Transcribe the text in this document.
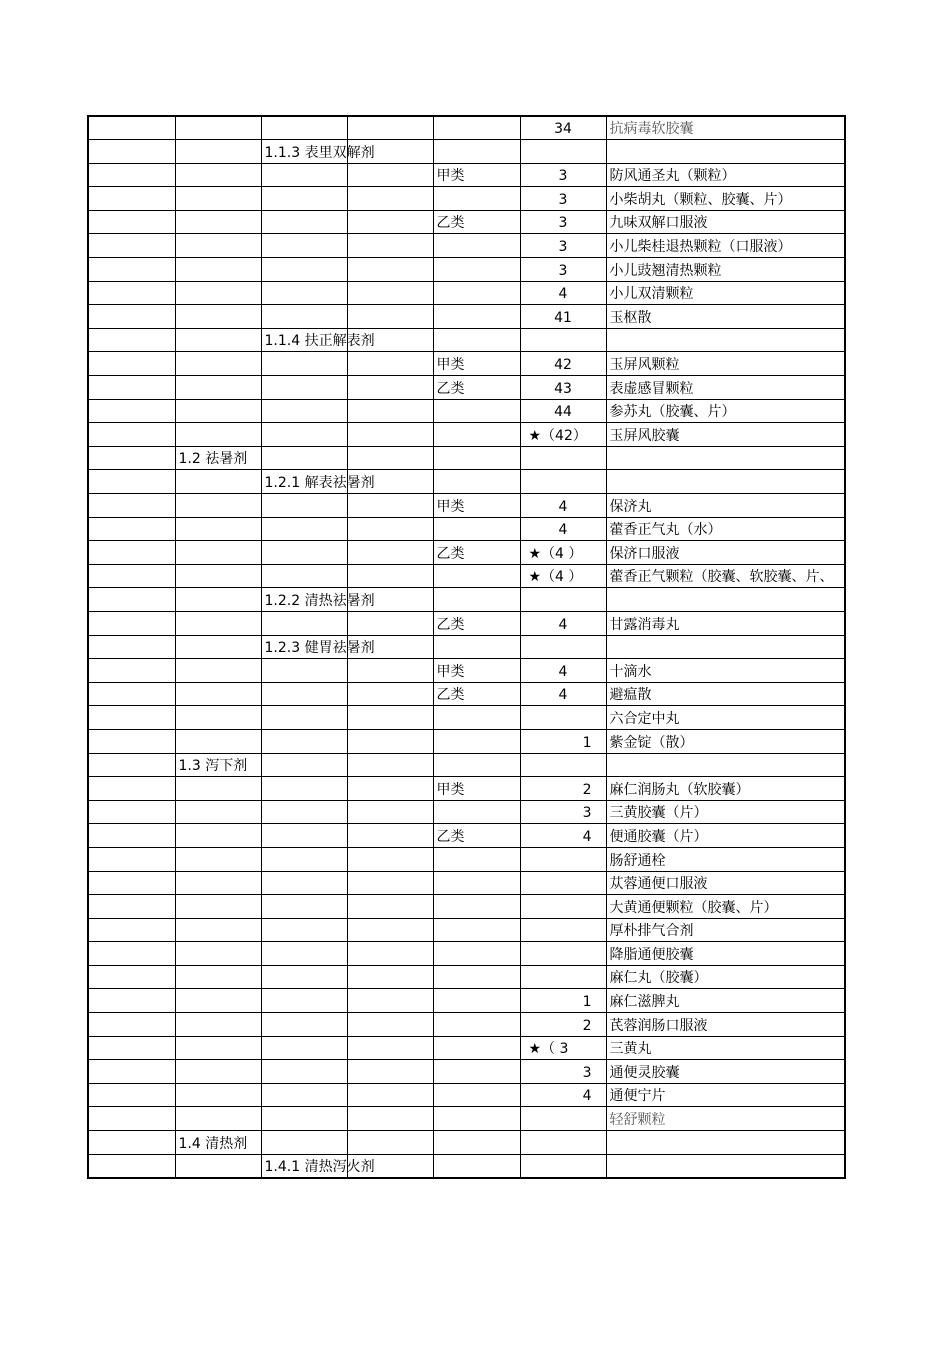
					34	抗病毒软胶囊
		1.1.3 表里双解剂				
				甲类	3	防风通圣丸（颗粒）
					3	小柴胡丸（颗粒、胶囊、片）
				乙类	3	九味双解口服液
					3	小儿柴桂退热颗粒（口服液）
					3	小儿豉翘清热颗粒
					4	小儿双清颗粒
					41	玉枢散
		1.1.4 扶正解表剂				
				甲类	42	玉屏风颗粒
				乙类	43	表虚感冒颗粒
					44	参苏丸（胶囊、片）
					★（42）	玉屏风胶囊
	1.2 祛暑剂					
		1.2.1 解表祛暑剂				
				甲类	4	保济丸
					4	藿香正气丸（水）
				乙类	★（4 ）	保济口服液
					★（4 ）	藿香正气颗粒（胶囊、软胶囊、片、
		1.2.2 清热祛暑剂				
				乙类	4	甘露消毒丸
		1.2.3 健胃祛暑剂				
				甲类	4	十滴水
				乙类	4	避瘟散
						六合定中丸
					1	紫金锭（散）
	1.3 泻下剂					
				甲类	2	麻仁润肠丸（软胶囊）
					3	三黄胶囊（片）
				乙类	4	便通胶囊（片）
						肠舒通栓
						苁蓉通便口服液
						大黄通便颗粒（胶囊、片）
						厚朴排气合剂
						降脂通便胶囊
						麻仁丸（胶囊）
					1	麻仁滋脾丸
					2	芪蓉润肠口服液
					★（ 3	三黄丸
					3	通便灵胶囊
					4	通便宁片
						轻舒颗粒
	1.4 清热剂					
		1.4.1 清热泻火剂				
